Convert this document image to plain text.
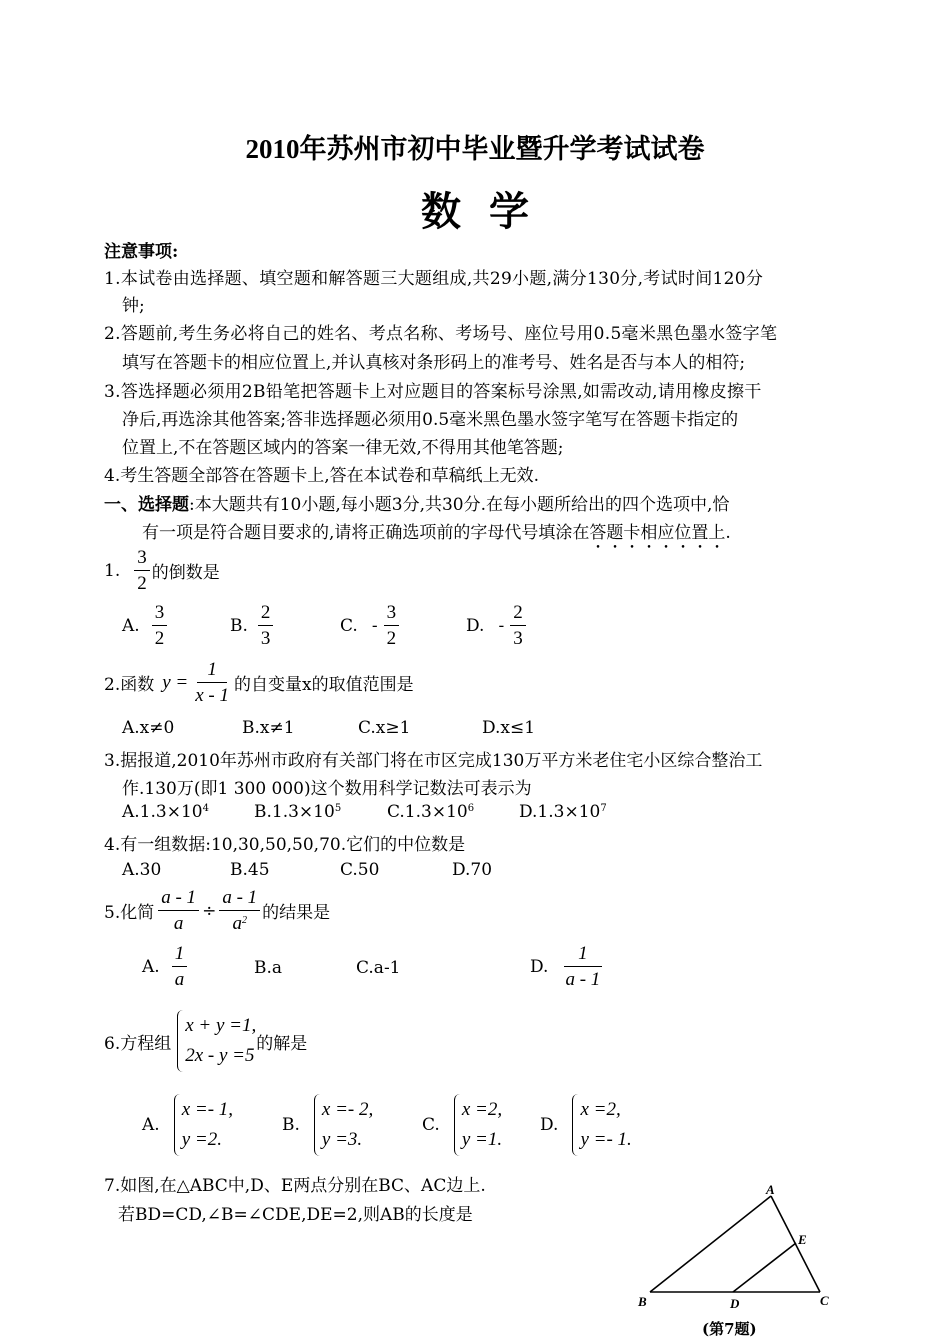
2010年苏州市初中毕业暨升学考试试卷
数学
注意事项:
1.本试卷由选择题、填空题和解答题三大题组成,共29小题,满分130分,考试时间120分
钟;
2.答题前,考生务必将自己的姓名、考点名称、考场号、座位号用0.5毫米黑色墨水签字笔
填写在答题卡的相应位置上,并认真核对条形码上的准考号、姓名是否与本人的相符;
3.答选择题必须用2B铅笔把答题卡上对应题目的答案标号涂黑,如需改动,请用橡皮擦干
净后,再选涂其他答案;答非选择题必须用0.5毫米黑色墨水签字笔写在答题卡指定的
位置上,不在答题区域内的答案一律无效,不得用其他笔答题;
4.考生答题全部答在答题卡上,答在本试卷和草稿纸上无效.
一、选择题:本大题共有10小题,每小题3分,共30分.在每小题所给出的四个选项中,恰
有一项是符合题目要求的,请将正确选项前的字母代号填涂在答题卡相应位置上.
1. $\frac{3}{2}$ 的倒数是
A. $\frac{3}{2}$	B. $\frac{2}{3}$	C. - $\frac{3}{2}$	D. - $\frac{2}{3}$
2.函数 $y = \frac{1}{x - 1}$ 的自变量x的取值范围是
A.x≠0	B.x≠1	C.x≥1	D.x≤1
3.据报道,2010年苏州市政府有关部门将在市区完成130万平方米老住宅小区综合整治工
作.130万(即1 300 000)这个数用科学记数法可表示为
$A.1.3\times 10^4$	$B.1.3\times 10^5$	$C.1.3\times 10^6$	$D.1.3\times 10^7$
4.有一组数据:10,30,50,50,70.它们的中位数是
A.30	B.45	C.50	D.70
5.化简 $\frac{a - 1}{a} \div \frac{a - 1}{a^2}$ 的结果是
A. $\frac{1}{a}$	B.a	C.a-1	D. $\frac{1}{a - 1}$
6.方程组
x + y =1,
2x - y =5
的解是
A.
x =- 1,
y =2.
B.
x =- 2,
y =3.
C.
x =2,
y =1.
D.
x =2,
y =- 1.
7.如图,在△ABC中,D、E两点分别在BC、AC边上.
若BD=CD,∠B=∠CDE,DE=2,则AB的长度是
A
B	C
D
E
(第7题)
